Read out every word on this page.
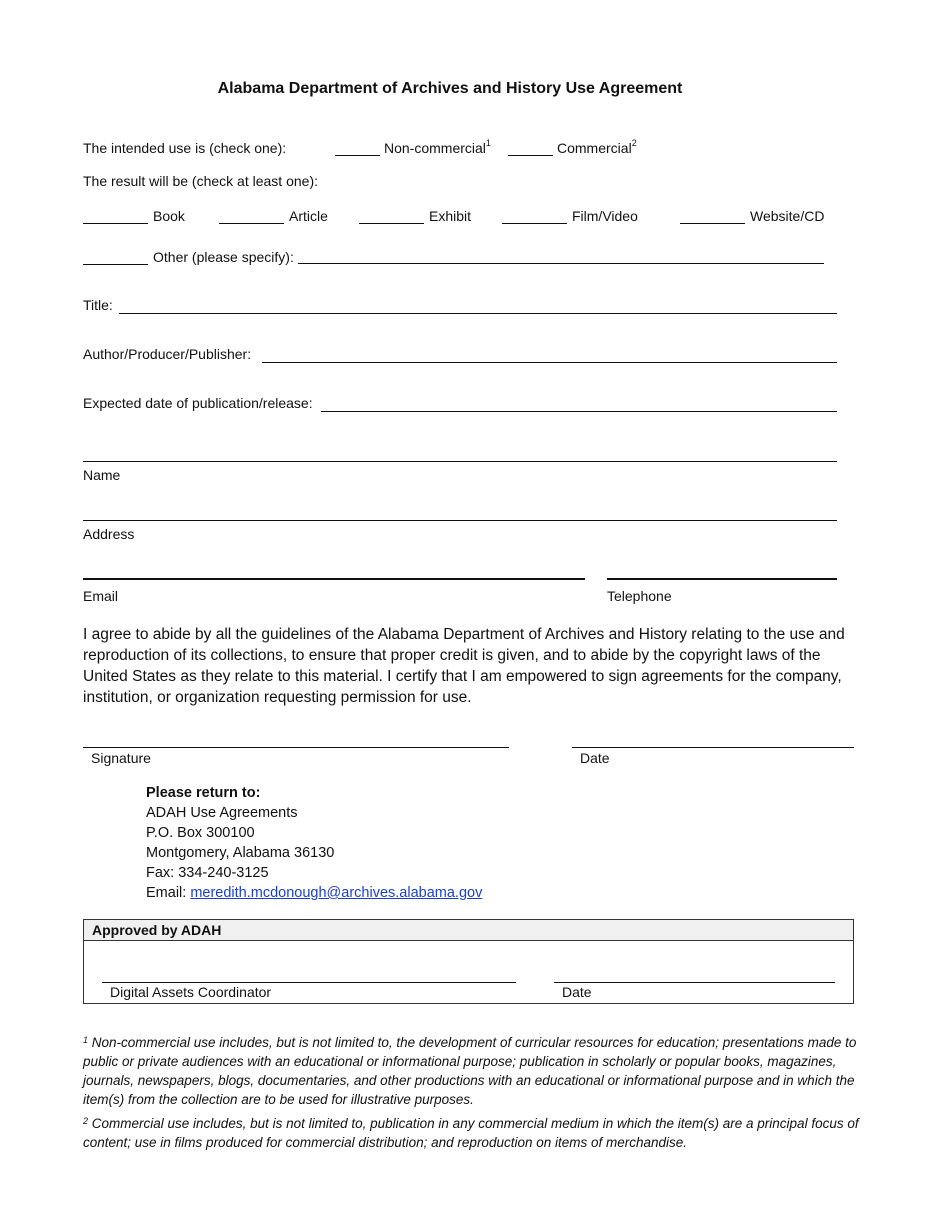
Alabama Department of Archives and History Use Agreement
The intended use is (check one):	Non-commercial$^1$	Commercial$^2$
The result will be (check at least one):
Book	Article	Exhibit	Film/Video	Website/CD
Other (please specify):
Title:
Author/Producer/Publisher:
Expected date of publication/release:
Name
Address
Email	Telephone
I agree to abide by all the guidelines of the Alabama Department of Archives and History relating to the use and reproduction of its collections, to ensure that proper credit is given, and to abide by the copyright laws of the United States as they relate to this material. I certify that I am empowered to sign agreements for the company, institution, or organization requesting permission for use.
Signature	Date
Please return to:
ADAH Use Agreements
P.O. Box 300100
Montgomery, Alabama 36130
Fax: 334-240-3125
Email: meredith.mcdonough@archives.alabama.gov
Approved by ADAH
Digital Assets Coordinator	Date
$^1$ Non-commercial use includes, but is not limited to, the development of curricular resources for education; presentations made to public or private audiences with an educational or informational purpose; publication in scholarly or popular books, magazines, journals, newspapers, blogs, documentaries, and other productions with an educational or informational purpose and in which the item(s) from the collection are to be used for illustrative purposes.
$^2$ Commercial use includes, but is not limited to, publication in any commercial medium in which the item(s) are a principal focus of content; use in films produced for commercial distribution; and reproduction on items of merchandise.
